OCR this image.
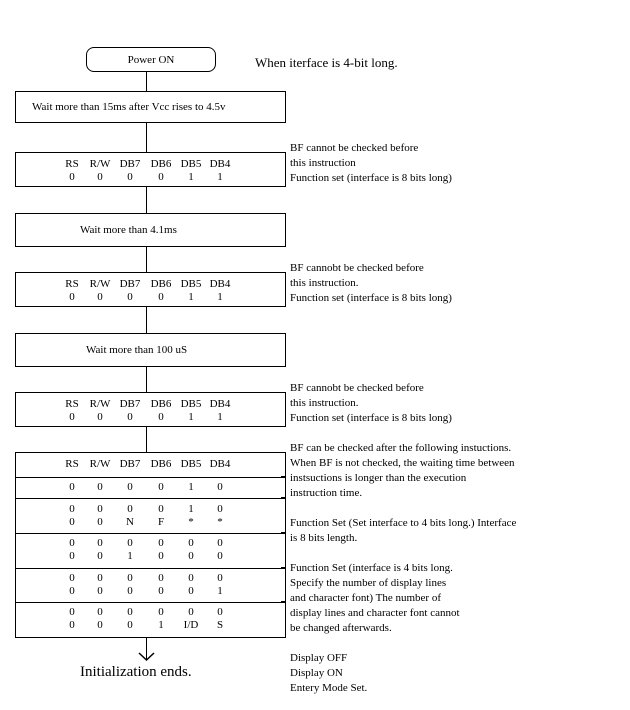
When iterface is 4-bit long.
Power ON
Wait more than 15ms after Vcc rises to 4.5v
RS R/W DB7 DB6 DB5 DB4
0	0	0	0	1	1
BF cannot be checked before
this instruction
Function set (interface is 8 bits long)
Wait more than 4.1ms
RS R/W DB7 DB6 DB5 DB4
0	0	0	0	1	1
BF cannobt be checked before
this instruction.
Function set (interface is 8 bits long)
Wait more than 100 uS
RS R/W DB7 DB6 DB5 DB4
0	0	0	0	1	1
BF cannobt be checked before
this instruction.
Function set (interface is 8 bits long)
RS R/W DB7 DB6 DB5 DB4
0	0	0	0	1	0
0	0	0	0	1	0
0	0	N	F	*	*
0	0	0	0	0	0
0	0	1	0	0	0
0	0	0	0	0	0
0	0	0	0	0	1
0	0	0	0	0	0
0	0	0	1	I/D	S
BF can be checked after the following instuctions.
When BF is not checked, the waiting time between
instsuctions is longer than the execution
instruction time.
Function Set (Set interface to 4 bits long.) Interface
is 8 bits length.
Function Set (interface is 4 bits long.
Specify the number of display lines
and character font) The number of
display lines and character font cannot
be changed afterwards.
Display OFF
Display ON
Entery Mode Set.
Initialization ends.
